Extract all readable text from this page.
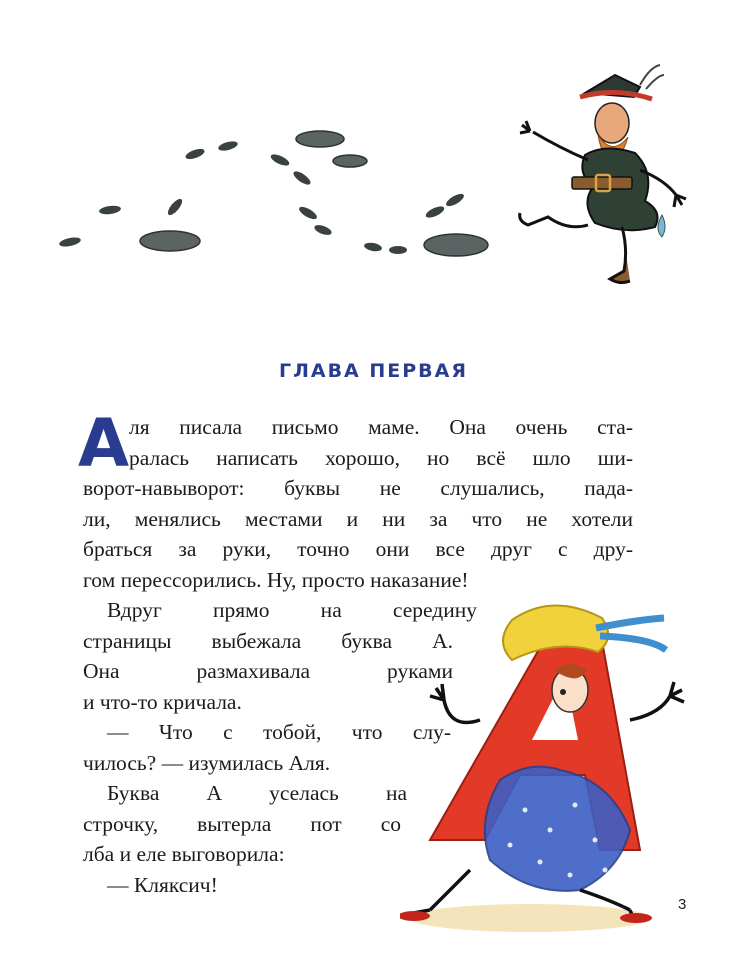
ГЛАВА ПЕРВАЯ
А ля писала письмо маме. Она очень ста-
ралась написать хорошо, но всё шло ши-
ворот-навыворот: буквы не слушались, пада-
ли, менялись местами и ни за что не хотели
браться за руки, точно они все друг с дру-
гом перессорились. Ну, просто наказание!
Вдруг прямо на середину
страницы выбежала буква А.
Она размахивала руками
и что-то кричала.
— Что с тобой, что слу-
чилось? — изумилась Аля.
Буква А уселась на
строчку, вытерла пот со
лба и еле выговорила:
— Кляксич!
3
